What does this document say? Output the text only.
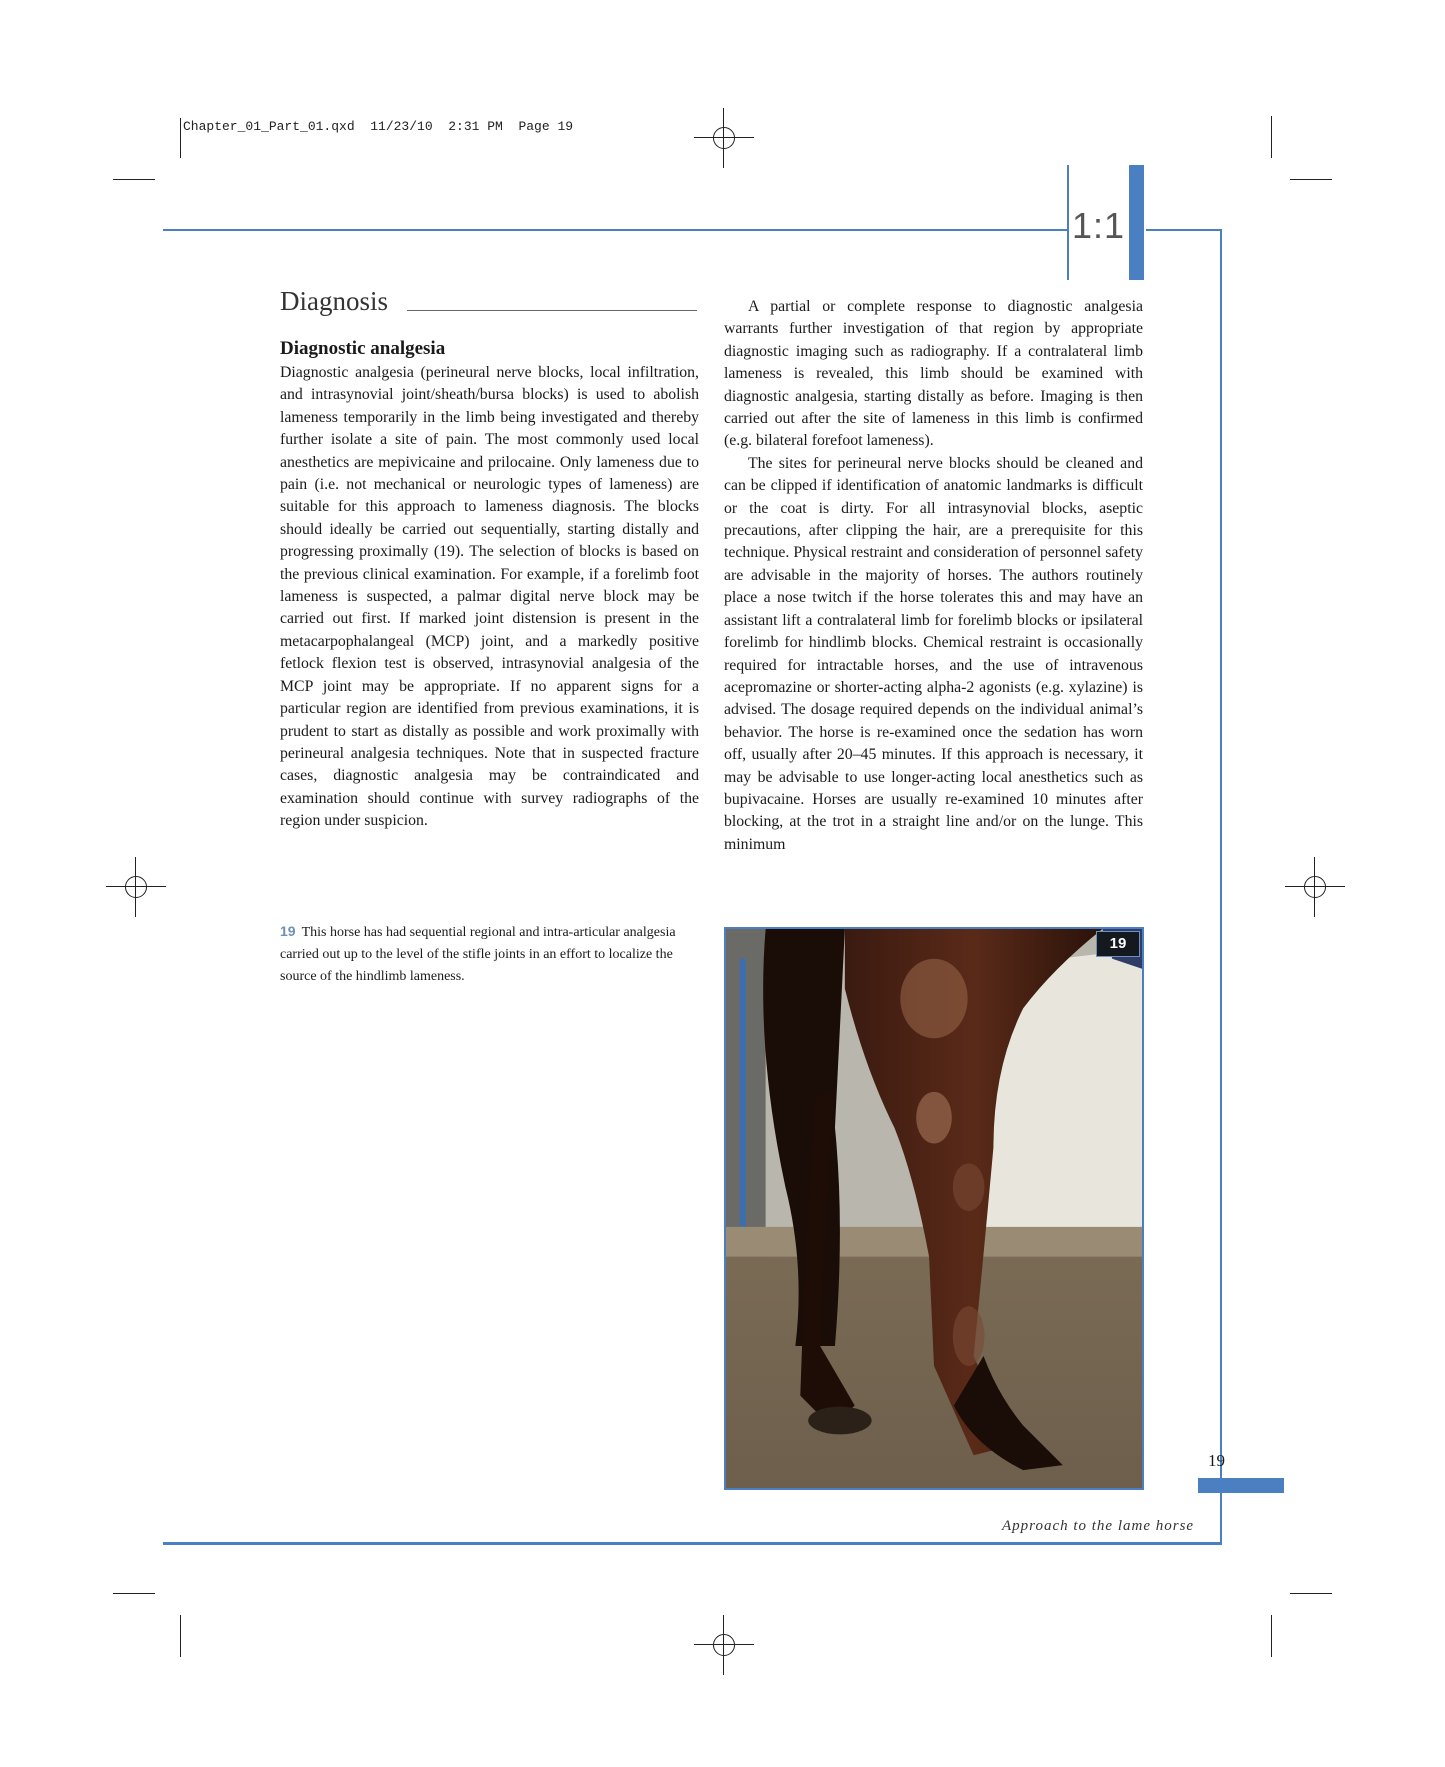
Chapter_01_Part_01.qxd  11/23/10  2:31 PM  Page 19
1:1
Diagnosis
Diagnostic analgesia

Diagnostic analgesia (perineural nerve blocks, local infiltration, and intrasynovial joint/sheath/bursa blocks) is used to abolish lameness temporarily in the limb being investigated and thereby further isolate a site of pain. The most commonly used local anesthetics are mepivicaine and prilocaine. Only lameness due to pain (i.e. not mechanical or neurologic types of lameness) are suitable for this approach to lameness diagnosis. The blocks should ideally be carried out sequentially, starting distally and progressing proximally (19). The selection of blocks is based on the previous clinical examination. For example, if a forelimb foot lameness is suspected, a palmar digital nerve block may be carried out first. If marked joint distension is present in the metacarpophalangeal (MCP) joint, and a markedly positive fetlock flexion test is observed, intrasynovial analgesia of the MCP joint may be appropriate. If no apparent signs for a particular region are identified from previous examinations, it is prudent to start as distally as possible and work proximally with perineural analgesia techniques. Note that in suspected fracture cases, diagnostic analgesia may be contraindicated and examination should continue with survey radiographs of the region under suspicion.

A partial or complete response to diagnostic analgesia warrants further investigation of that region by appropriate diagnostic imaging such as radiography. If a contralateral limb lameness is revealed, this limb should be examined with diagnostic analgesia, starting distally as before. Imaging is then carried out after the site of lameness in this limb is confirmed (e.g. bilateral forefoot lameness).

The sites for perineural nerve blocks should be cleaned and can be clipped if identification of anatomic landmarks is difficult or the coat is dirty. For all intrasynovial blocks, aseptic precautions, after clipping the hair, are a prerequisite for this technique. Physical restraint and consideration of personnel safety are advisable in the majority of horses. The authors routinely place a nose twitch if the horse tolerates this and may have an assistant lift a contralateral limb for forelimb blocks or ipsilateral forelimb for hindlimb blocks. Chemical restraint is occasionally required for intractable horses, and the use of intravenous acepromazine or shorter-acting alpha-2 agonists (e.g. xylazine) is advised. The dosage required depends on the individual animal’s behavior. The horse is re-examined once the sedation has worn off, usually after 20–45 minutes. If this approach is necessary, it may be advisable to use longer-acting local anesthetics such as bupivacaine. Horses are usually re-examined 10 minutes after blocking, at the trot in a straight line and/or on the lunge. This minimum

19 This horse has had sequential regional and intra-articular analgesia carried out up to the level of the stifle joints in an effort to localize the source of the hindlimb lameness.
19
19
Approach to the lame horse
